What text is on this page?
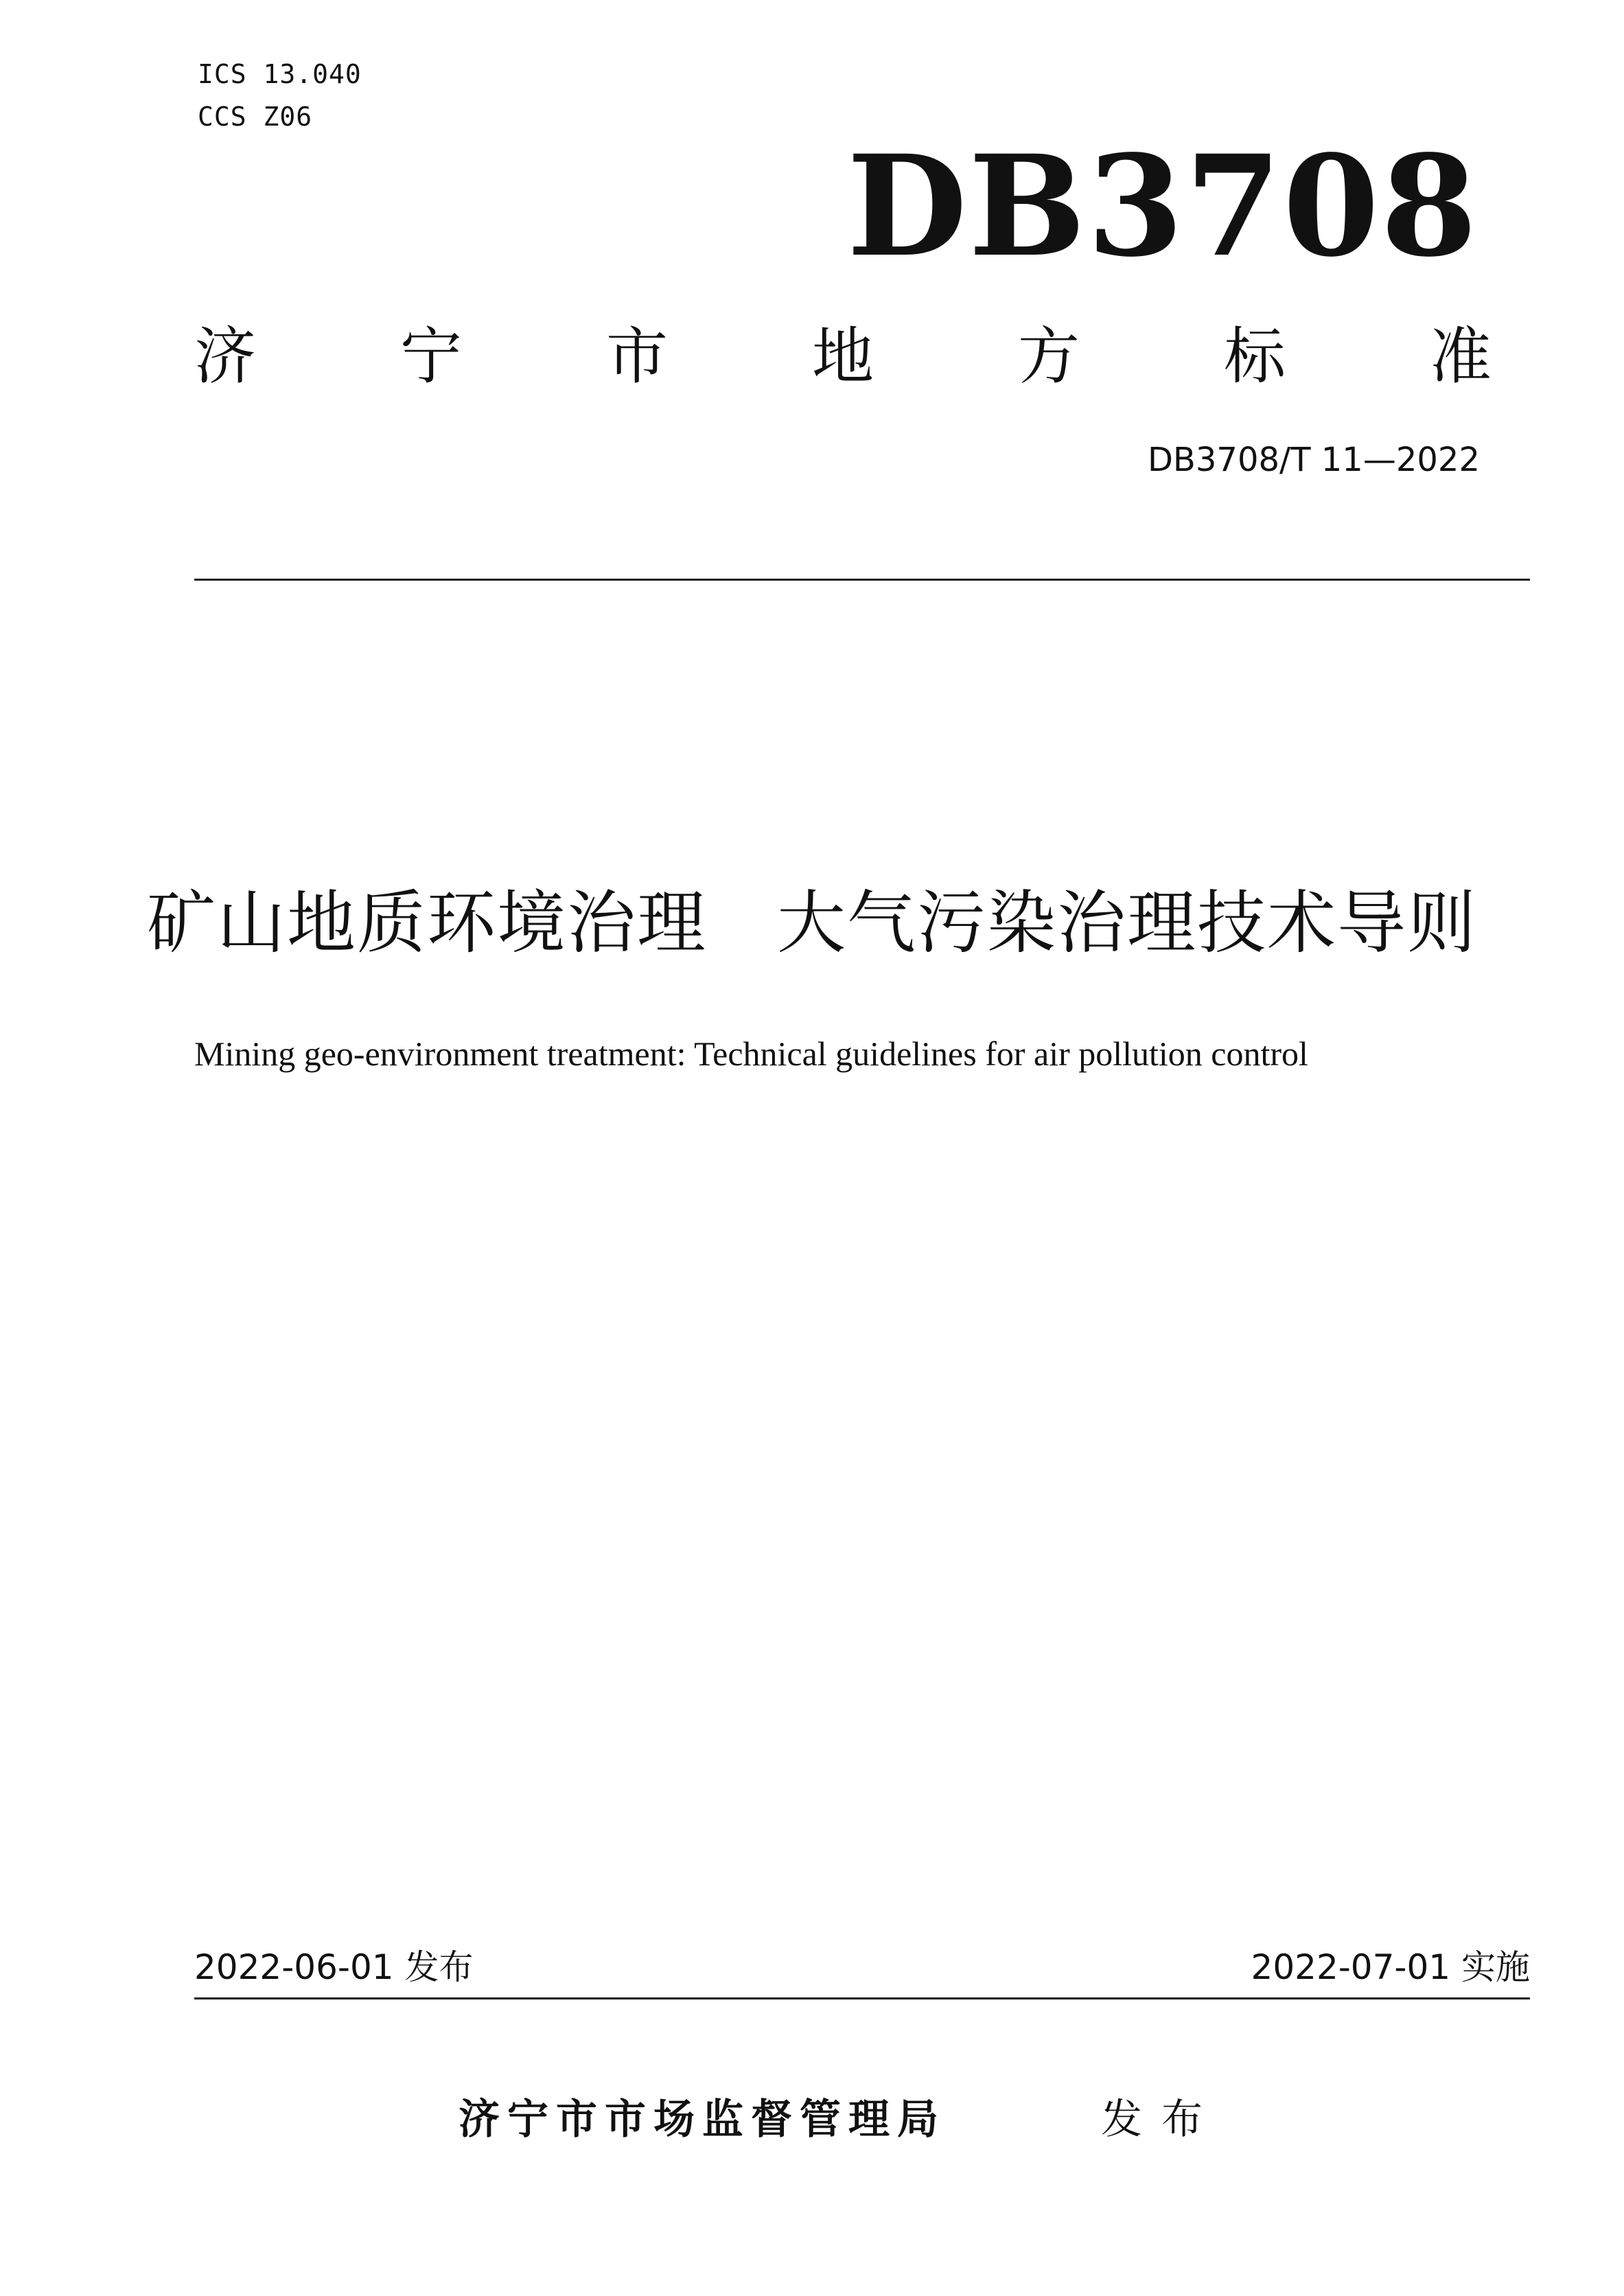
ICS 13.040
CCS Z06
DB3708
济 宁 市 地 方 标 准
DB3708/T 11—2022
矿山地质环境治理　大气污染治理技术导则
Mining geo-environment treatment: Technical guidelines for air pollution control
2022-06-01 发布	2022-07-01 实施
济宁市市场监督管理局	发布
